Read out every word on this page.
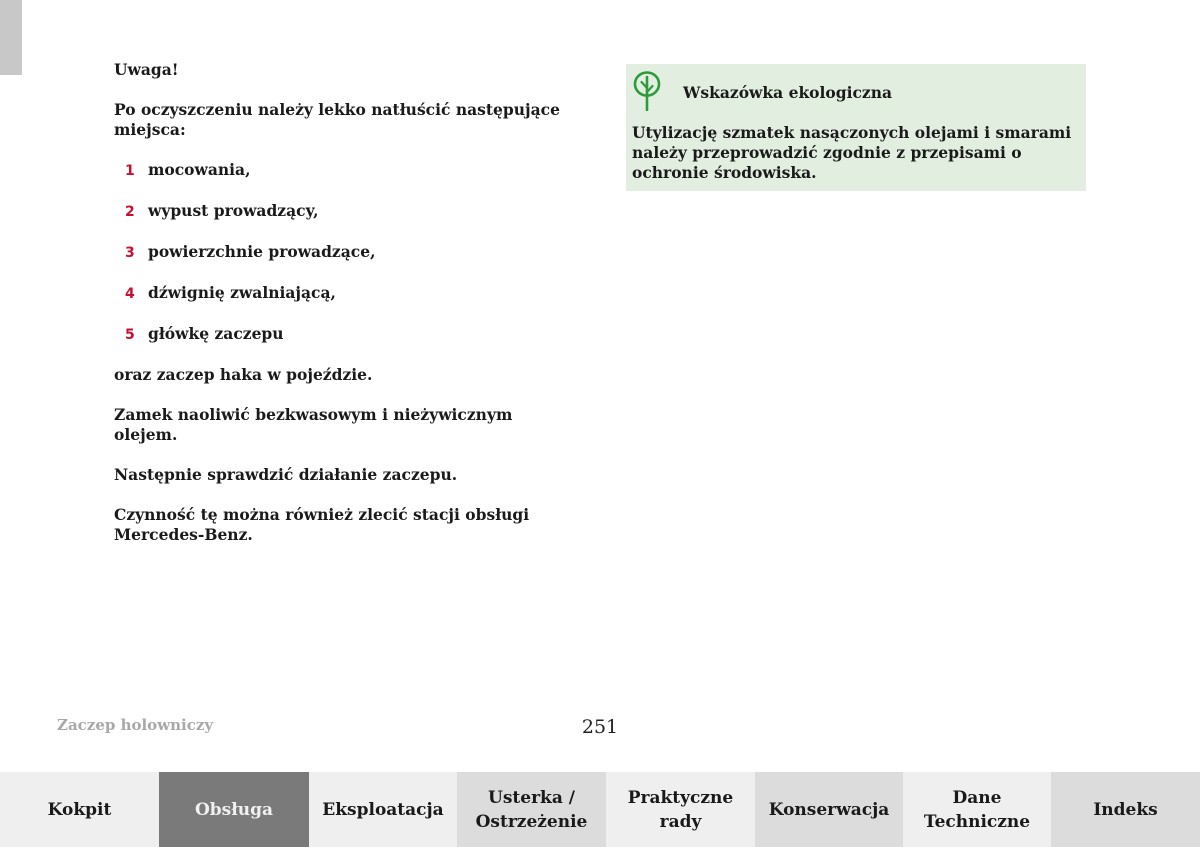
Uwaga!

Po oczyszczeniu należy lekko natłuścić następujące miejsca:

1 mocowania,
2 wypust prowadzący,
3 powierzchnie prowadzące,
4 dźwignię zwalniającą,
5 główkę zaczepu

oraz zaczep haka w pojeździe.

Zamek naoliwić bezkwasowym i nieżywicznym olejem.

Następnie sprawdzić działanie zaczepu.

Czynność tę można również zlecić stacji obsługi Mercedes-Benz.

Wskazówka ekologiczna
Utylizację szmatek nasączonych olejami i smarami należy przeprowadzić zgodnie z przepisami o ochronie środowiska.
Zaczep holowniczy	251
Kokpit	Obsługa	Eksploatacja
Usterka /
Ostrzeżenie
Praktyczne
rady
Konserwacja
Dane
Techniczne
Indeks
